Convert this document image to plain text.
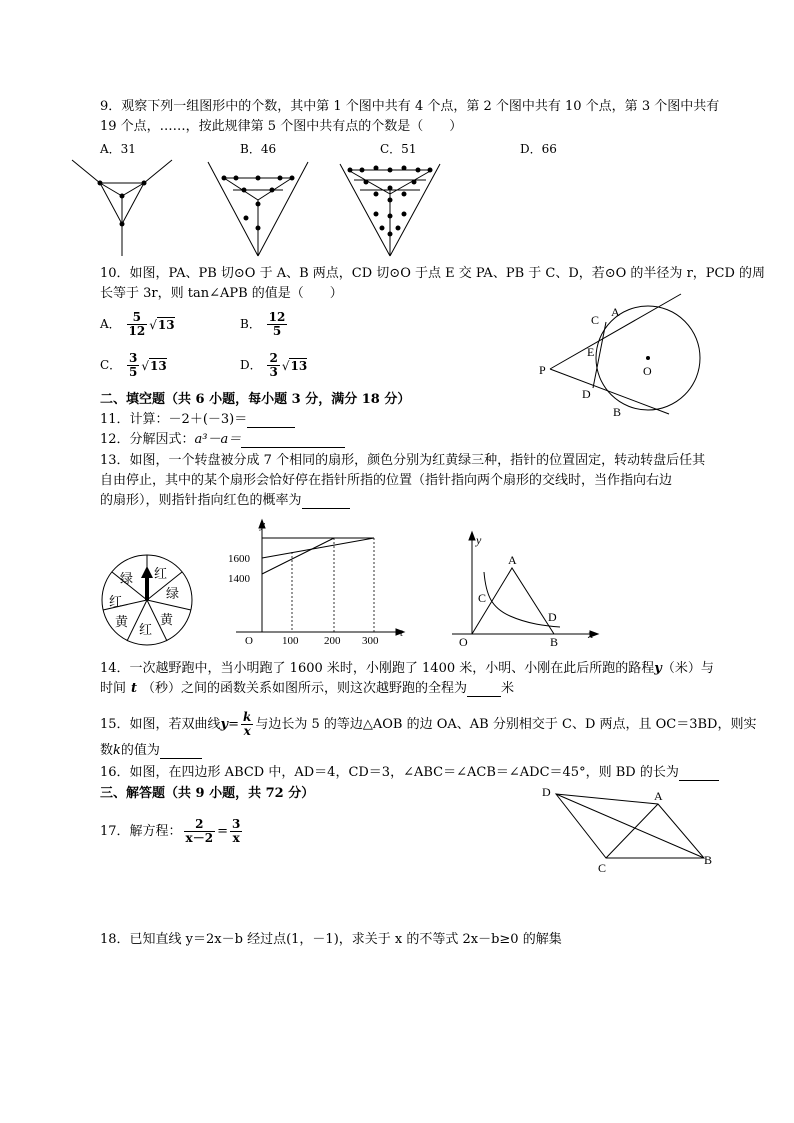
9．观察下列一组图形中的个数，其中第 1 个图中共有 4 个点，第 2 个图中共有 10 个点，第 3 个图中共有
19 个点，……，按此规律第 5 个图中共有点的个数是（　　）
A．31	B．46	C．51	D．66
10．如图，PA、PB 切⊙O 于 A、B 两点，CD 切⊙O 于点 E 交 PA、PB 于 C、D，若⊙O 的半径为 r，PCD 的周
长等于 3r，则 tan∠APB 的值是（　　）
A． $\frac{5}{12} √13$	B． $\frac{12}{5}$
C． $\frac{3}{5} √13$	D． $\frac{2}{3} √13$
A
C
E
D
B
O
P
二、填空题（共 6 小题，每小题 3 分，满分 18 分）
11．计算：－2＋(－3)＝
12．分解因式：a³－a＝
13．如图，一个转盘被分成 7 个相同的扇形，颜色分别为红黄绿三种，指针的位置固定，转动转盘后任其
自由停止，其中的某个扇形会恰好停在指针所指的位置（指针指向两个扇形的交线时，当作指向右边
的扇形），则指针指向红色的概率为
红
绿
黄
红
黄
红
绿
y
t
O
1600
1400
100 200 300
y
x
O
A
B
C
D
14．一次越野跑中，当小明跑了 1600 米时，小刚跑了 1400 米，小明、小刚在此后所跑的路程y（米）与
时间 t （秒）之间的函数关系如图所示，则这次越野跑的全程为	米
15．如图，若双曲线$y= \frac{k}{x}$ 与边长为 5 的等边△AOB 的边 OA、AB 分别相交于 C、D 两点，且 OC＝3BD，则实
数k的值为
16．如图，在四边形 ABCD 中，AD＝4，CD＝3，∠ABC＝∠ACB＝∠ADC＝45°，则 BD 的长为
三、解答题（共 9 小题，共 72 分）	D	A
B
C
17．解方程： $\frac{2}{x-2} = \frac{3}{x}$
18．已知直线 y＝2x－b 经过点(1，－1)，求关于 x 的不等式 2x－b≥0 的解集
